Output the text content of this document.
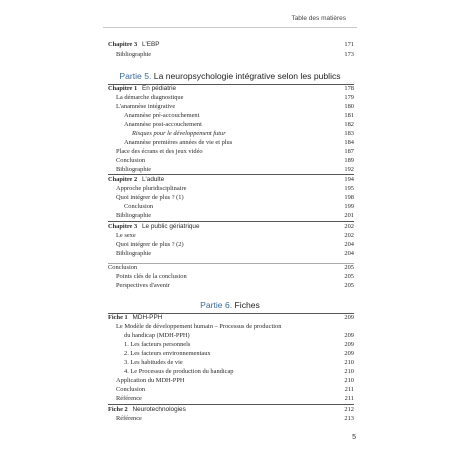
Table des matières
Chapitre 3 L'EBP	171
Bibliographie	173
Partie 5. La neuropsychologie intégrative selon les publics
Chapitre 1 En pédiatrie	178
La démarche diagnostique	179
L'anamnèse intégrative	180
Anamnèse pré-accouchement	181
Anamnèse post-accouchement	182
Risques pour le développement futur	183
Anamnèse premières années de vie et plus	184
Place des écrans et des jeux vidéo	187
Conclusion	189
Bibliographie	192
Chapitre 2 L'adulte	194
Approche pluridisciplinaire	195
Quoi intégrer de plus ? (1)	198
Conclusion	199
Bibliographie	201
Chapitre 3 Le public gériatrique	202
Le sexe	202
Quoi intégrer de plus ? (2)	204
Bibliographie	204
Conclusion	205
Points clés de la conclusion	205
Perspectives d'avenir	205
Partie 6. Fiches
Fiche 1 MDH-PPH	209
Le Modèle de développement humain – Processus de production
du handicap (MDH-PPH)	209
1. Les facteurs personnels	209
2. Les facteurs environnementaux	209
3. Les habitudes de vie	210
4. Le Processus de production du handicap	210
Application du MDH-PPH	210
Conclusion	211
Référence	211
Fiche 2 Neurotechnologies	212
Référence	213
5
